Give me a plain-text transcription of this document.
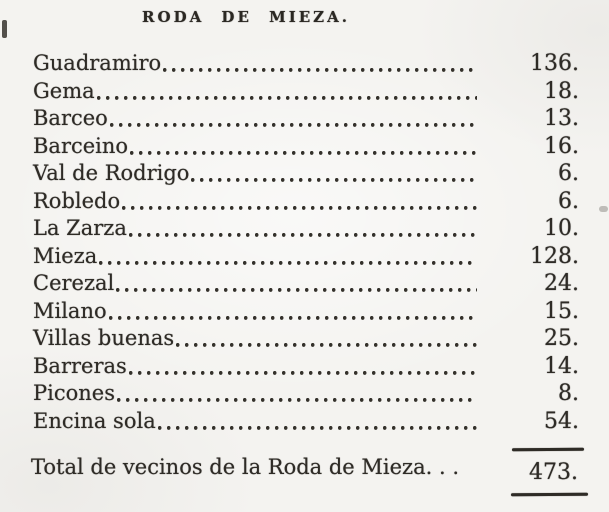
RODA DE MIEZA.
Guadramiro	136.
Gema	18.
Barceo	13.
Barceino	16.
Val de Rodrigo	6.
Robledo	6.
La Zarza	10.
Mieza	128.
Cerezal	24.
Milano	15.
Villas buenas	25.
Barreras	14.
Picones	8.
Encina sola	54.
Total de vecinos de la Roda de Mieza. . .	473.
